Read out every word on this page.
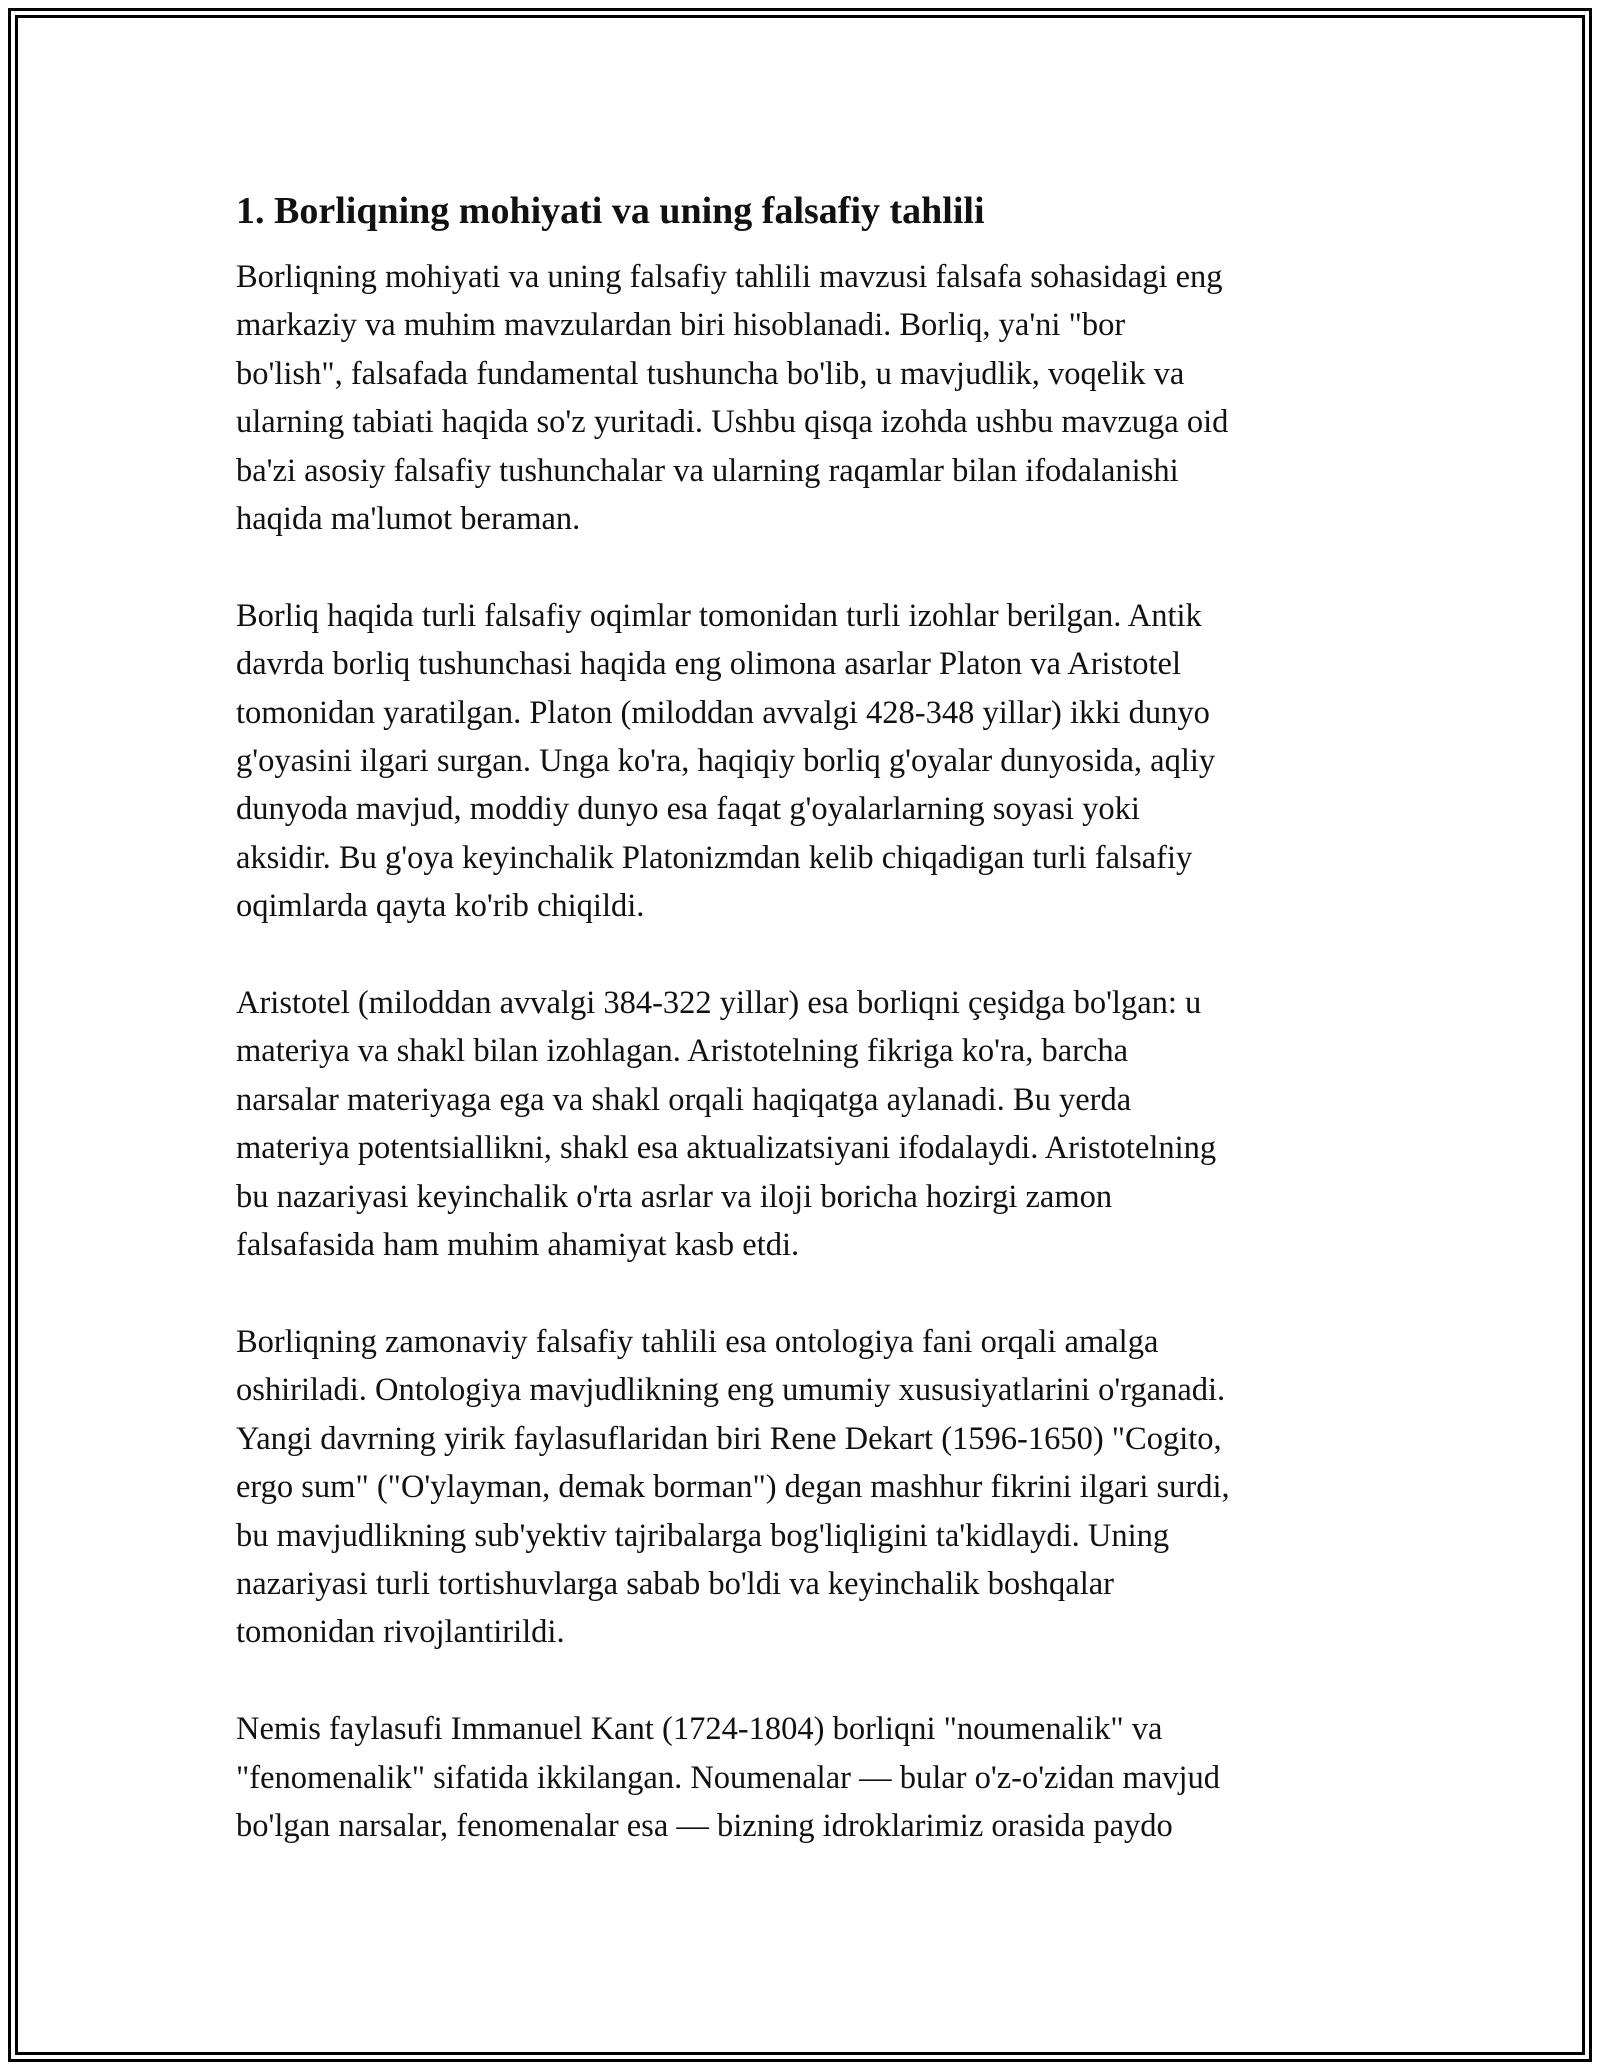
1. Borliqning mohiyati va uning falsafiy tahlili
Borliqning mohiyati va uning falsafiy tahlili mavzusi falsafa sohasidagi eng
markaziy va muhim mavzulardan biri hisoblanadi. Borliq, ya'ni "bor
bo'lish", falsafada fundamental tushuncha bo'lib, u mavjudlik, voqelik va
ularning tabiati haqida so'z yuritadi. Ushbu qisqa izohda ushbu mavzuga oid
ba'zi asosiy falsafiy tushunchalar va ularning raqamlar bilan ifodalanishi
haqida ma'lumot beraman.
Borliq haqida turli falsafiy oqimlar tomonidan turli izohlar berilgan. Antik
davrda borliq tushunchasi haqida eng olimona asarlar Platon va Aristotel
tomonidan yaratilgan. Platon (miloddan avvalgi 428-348 yillar) ikki dunyo
g'oyasini ilgari surgan. Unga ko'ra, haqiqiy borliq g'oyalar dunyosida, aqliy
dunyoda mavjud, moddiy dunyo esa faqat g'oyalarlarning soyasi yoki
aksidir. Bu g'oya keyinchalik Platonizmdan kelib chiqadigan turli falsafiy
oqimlarda qayta ko'rib chiqildi.
Aristotel (miloddan avvalgi 384-322 yillar) esa borliqni çeşidga bo'lgan: u
materiya va shakl bilan izohlagan. Aristotelning fikriga ko'ra, barcha
narsalar materiyaga ega va shakl orqali haqiqatga aylanadi. Bu yerda
materiya potentsiallikni, shakl esa aktualizatsiyani ifodalaydi. Aristotelning
bu nazariyasi keyinchalik o'rta asrlar va iloji boricha hozirgi zamon
falsafasida ham muhim ahamiyat kasb etdi.
Borliqning zamonaviy falsafiy tahlili esa ontologiya fani orqali amalga
oshiriladi. Ontologiya mavjudlikning eng umumiy xususiyatlarini o'rganadi.
Yangi davrning yirik faylasuflaridan biri Rene Dekart (1596-1650) "Cogito,
ergo sum" ("O'ylayman, demak borman") degan mashhur fikrini ilgari surdi,
bu mavjudlikning sub'yektiv tajribalarga bog'liqligini ta'kidlaydi. Uning
nazariyasi turli tortishuvlarga sabab bo'ldi va keyinchalik boshqalar
tomonidan rivojlantirildi.
Nemis faylasufi Immanuel Kant (1724-1804) borliqni "noumenalik" va
"fenomenalik" sifatida ikkilangan. Noumenalar — bular o'z-o'zidan mavjud
bo'lgan narsalar, fenomenalar esa — bizning idroklarimiz orasida paydo
